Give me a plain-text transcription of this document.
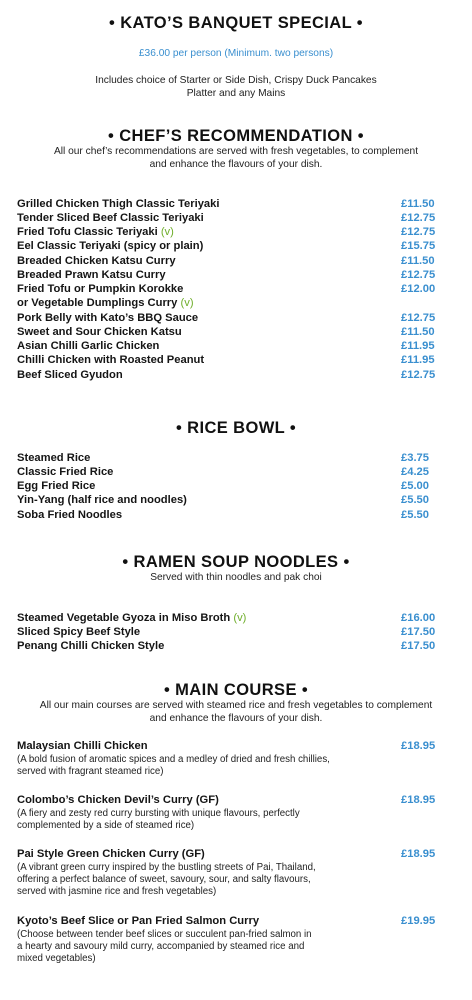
• KATO’S BANQUET SPECIAL •
£36.00 per person (Minimum. two persons)
Includes choice of Starter or Side Dish, Crispy Duck Pancakes
Platter and any Mains
• CHEF’S RECOMMENDATION •
All our chef’s recommendations are served with fresh vegetables, to complement
and enhance the flavours of your dish.
Grilled Chicken Thigh Classic Teriyaki	£11.50
Tender Sliced Beef Classic Teriyaki	£12.75
Fried Tofu Classic Teriyaki (v)	£12.75
Eel Classic Teriyaki (spicy or plain)	£15.75
Breaded Chicken Katsu Curry	£11.50
Breaded Prawn Katsu Curry	£12.75
Fried Tofu or Pumpkin Korokke	£12.00
or Vegetable Dumplings Curry (v)
Pork Belly with Kato’s BBQ Sauce	£12.75
Sweet and Sour Chicken Katsu	£11.50
Asian Chilli Garlic Chicken	£11.95
Chilli Chicken with Roasted Peanut	£11.95
Beef Sliced Gyudon	£12.75
• RICE BOWL •
Steamed Rice	£3.75
Classic Fried Rice	£4.25
Egg Fried Rice	£5.00
Yin-Yang (half rice and noodles)	£5.50
Soba Fried Noodles	£5.50
• RAMEN SOUP NOODLES •
Served with thin noodles and pak choi
Steamed Vegetable Gyoza in Miso Broth (v)	£16.00
Sliced Spicy Beef Style	£17.50
Penang Chilli Chicken Style	£17.50
• MAIN COURSE •
All our main courses are served with steamed rice and fresh vegetables to complement
and enhance the flavours of your dish.
Malaysian Chilli Chicken	£18.95
(A bold fusion of aromatic spices and a medley of dried and fresh chillies,
served with fragrant steamed rice)
Colombo’s Chicken Devil’s Curry (GF)	£18.95
(A fiery and zesty red curry bursting with unique flavours, perfectly
complemented by a side of steamed rice)
Pai Style Green Chicken Curry (GF)	£18.95
(A vibrant green curry inspired by the bustling streets of Pai, Thailand,
offering a perfect balance of sweet, savoury, sour, and salty flavours,
served with jasmine rice and fresh vegetables)
Kyoto’s Beef Slice or Pan Fried Salmon Curry	£19.95
(Choose between tender beef slices or succulent pan-fried salmon in
a hearty and savoury mild curry, accompanied by steamed rice and
mixed vegetables)
